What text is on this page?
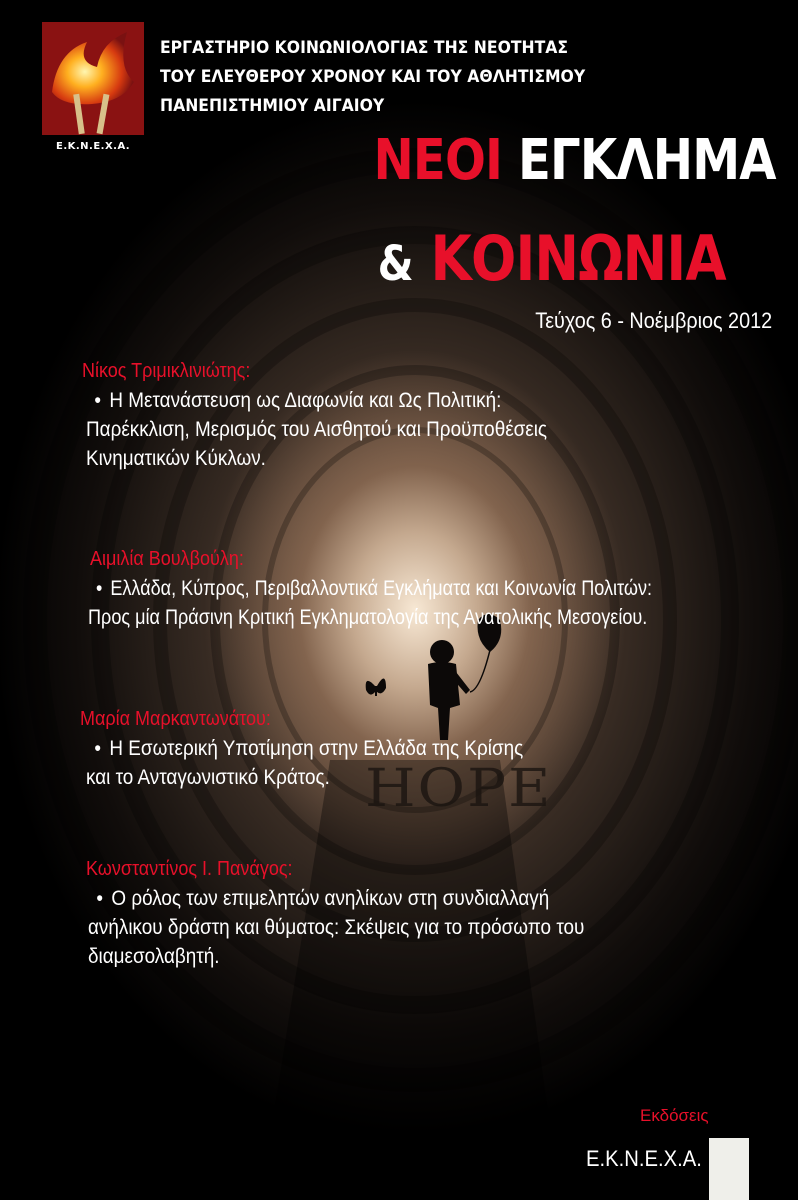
HOPE
Ε.Κ.Ν.Ε.Χ.Α.
ΕΡΓΑΣΤΗΡΙΟ ΚΟΙΝΩΝΙΟΛΟΓΙΑΣ ΤΗΣ ΝΕΟΤΗΤΑΣ
ΤΟΥ ΕΛΕΥΘΕΡΟΥ ΧΡΟΝΟΥ ΚΑΙ ΤΟΥ ΑΘΛΗΤΙΣΜΟΥ
ΠΑΝΕΠΙΣΤΗΜΙΟΥ ΑΙΓΑΙΟΥ
ΝΕΟΙ ΕΓΚΛΗΜΑ
& ΚΟΙΝΩΝΙΑ
Τεύχος 6 - Νοέμβριος 2012
Νίκος Τριμικλινιώτης:
• Η Μετανάστευση ως Διαφωνία και Ως Πολιτική:
Παρέκκλιση, Μερισμός του Αισθητού και Προϋποθέσεις
Κινηματικών Κύκλων.
Αιμιλία Βουλβούλη:
• Ελλάδα, Κύπρος, Περιβαλλοντικά Εγκλήματα και Κοινωνία Πολιτών:
Προς μία Πράσινη Κριτική Εγκληματολογία της Ανατολικής Μεσογείου.
Μαρία Μαρκαντωνάτου:
• Η Εσωτερική Υποτίμηση στην Ελλάδα της Κρίσης
και το Ανταγωνιστικό Κράτος.
Κωνσταντίνος Ι. Πανάγος:
• Ο ρόλος των επιμελητών ανηλίκων στη συνδιαλλαγή
ανήλικου δράστη και θύματος: Σκέψεις για το πρόσωπο του
διαμεσολαβητή.
Εκδόσεις
Ε.Κ.Ν.Ε.Χ.Α.
